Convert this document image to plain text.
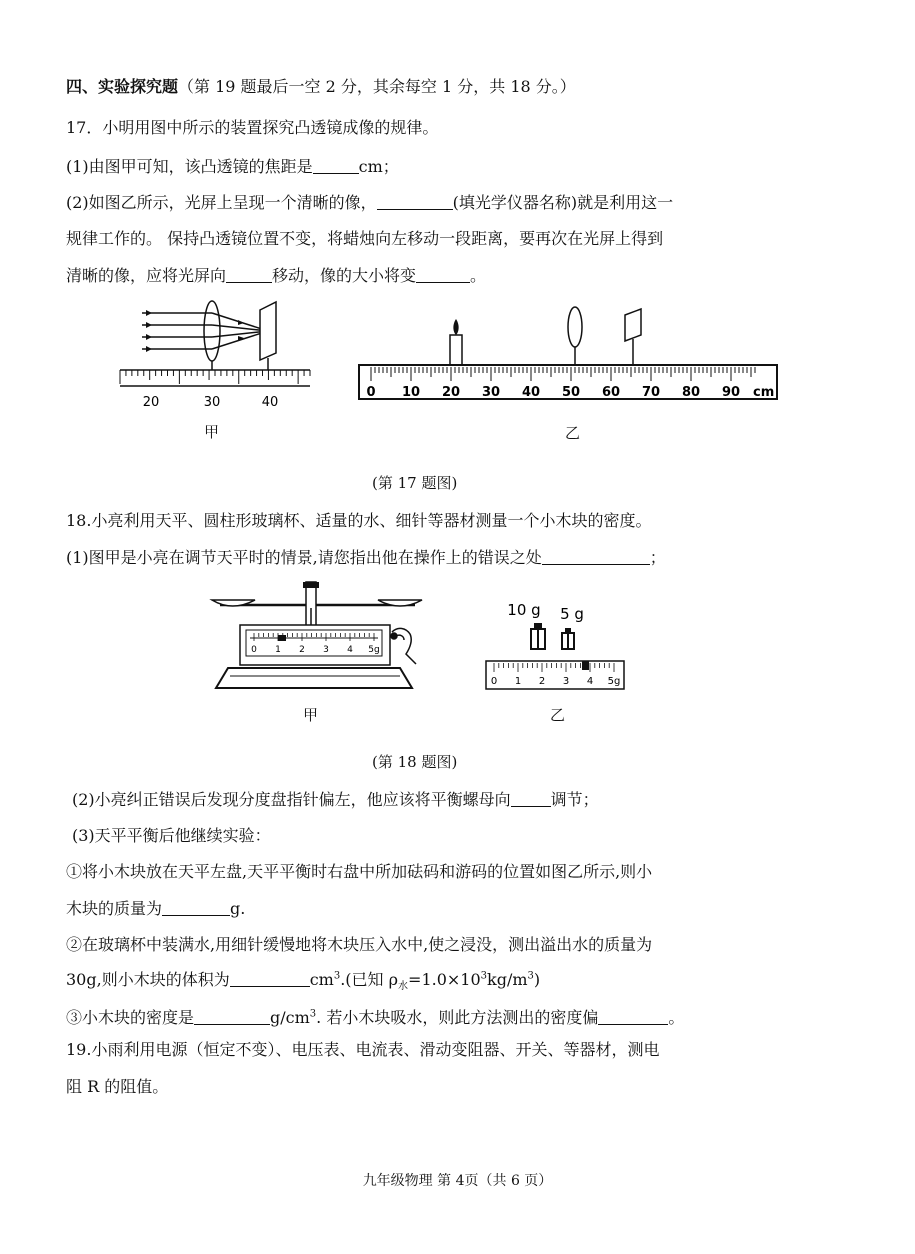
四、实验探究题（第 19 题最后一空 2 分，其余每空 1 分，共 18 分。）
17．小明用图中所示的装置探究凸透镜成像的规律。
(1)由图甲可知，该凸透镜的焦距是	cm；
(2)如图乙所示，光屏上呈现一个清晰的像，	(填光学仪器名称)就是利用这一
规律工作的。 保持凸透镜位置不变，将蜡烛向左移动一段距离，要再次在光屏上得到
清晰的像，应将光屏向	移动，像的大小将变	。
20	30	40
甲
0 10 20 30 40 50 60 70 80 90 cm
乙
(第 17 题图)
18.小亮利用天平、圆柱形玻璃杯、适量的水、细针等器材测量一个小木块的密度。
(1)图甲是小亮在调节天平时的情景,请您指出他在操作上的错误之处	；
0 1 2 3 4 5g
甲
10 g 5 g
0 1 2 3 4 5g
乙
(第 18 题图)
(2)小亮纠正错误后发现分度盘指针偏左，他应该将平衡螺母向	调节；
(3)天平平衡后他继续实验：
①将小木块放在天平左盘,天平平衡时右盘中所加砝码和游码的位置如图乙所示,则小
木块的质量为	g.
②在玻璃杯中装满水,用细针缓慢地将木块压入水中,使之浸没，测出溢出水的质量为
30g,则小木块的体积为	$cm^3$.(已知 $\rho_水=1.0\times 10^3kg/m^3$)
③小木块的密度是	$g/cm^3$. 若小木块吸水，则此方法测出的密度偏	。
19.小雨利用电源（恒定不变）、电压表、电流表、滑动变阻器、开关、等器材，测电
阻 R 的阻值。
九年级物理 第 4页（共 6 页）
